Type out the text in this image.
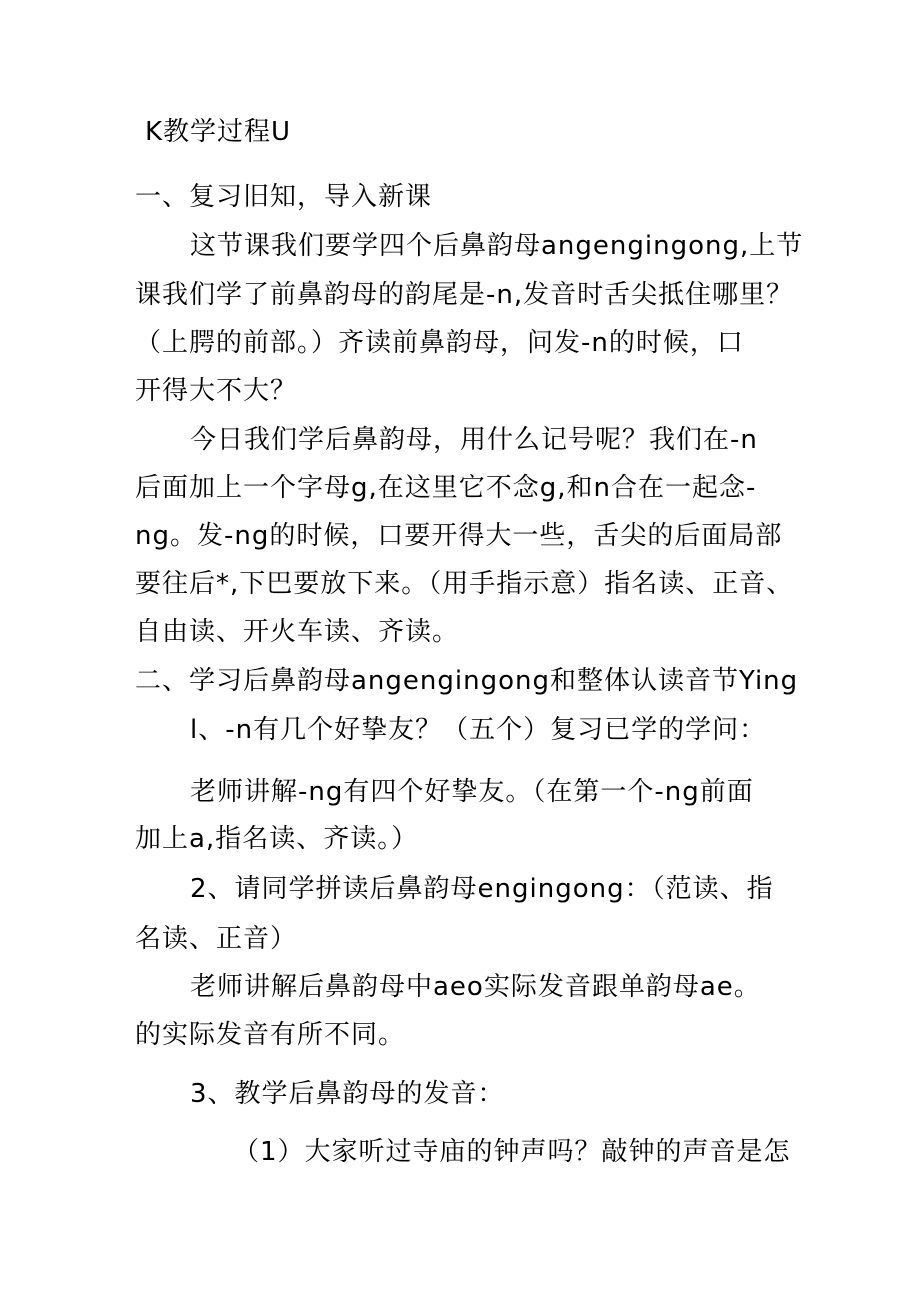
K教学过程U
一、复习旧知，导入新课
这节课我们要学四个后鼻韵母angengingong,上节
课我们学了前鼻韵母的韵尾是-n,发音时舌尖抵住哪里？
（上腭的前部。）齐读前鼻韵母，问发-n的时候，口
开得大不大？
今日我们学后鼻韵母，用什么记号呢？我们在-n
后面加上一个字母g,在这里它不念g,和n合在一起念-
ng。发-ng的时候，口要开得大一些，舌尖的后面局部
要往后*,下巴要放下来。（用手指示意）指名读、正音、
自由读、开火车读、齐读。
二、学习后鼻韵母angengingong和整体认读音节Ying
l、-n有几个好挚友？（五个）复习已学的学问：
老师讲解-ng有四个好挚友。（在第一个-ng前面
加上a,指名读、齐读。）
2、请同学拼读后鼻韵母engingong：（范读、指
名读、正音）
老师讲解后鼻韵母中aeo实际发音跟单韵母ae。
的实际发音有所不同。
3、教学后鼻韵母的发音：
（1）大家听过寺庙的钟声吗？敲钟的声音是怎
